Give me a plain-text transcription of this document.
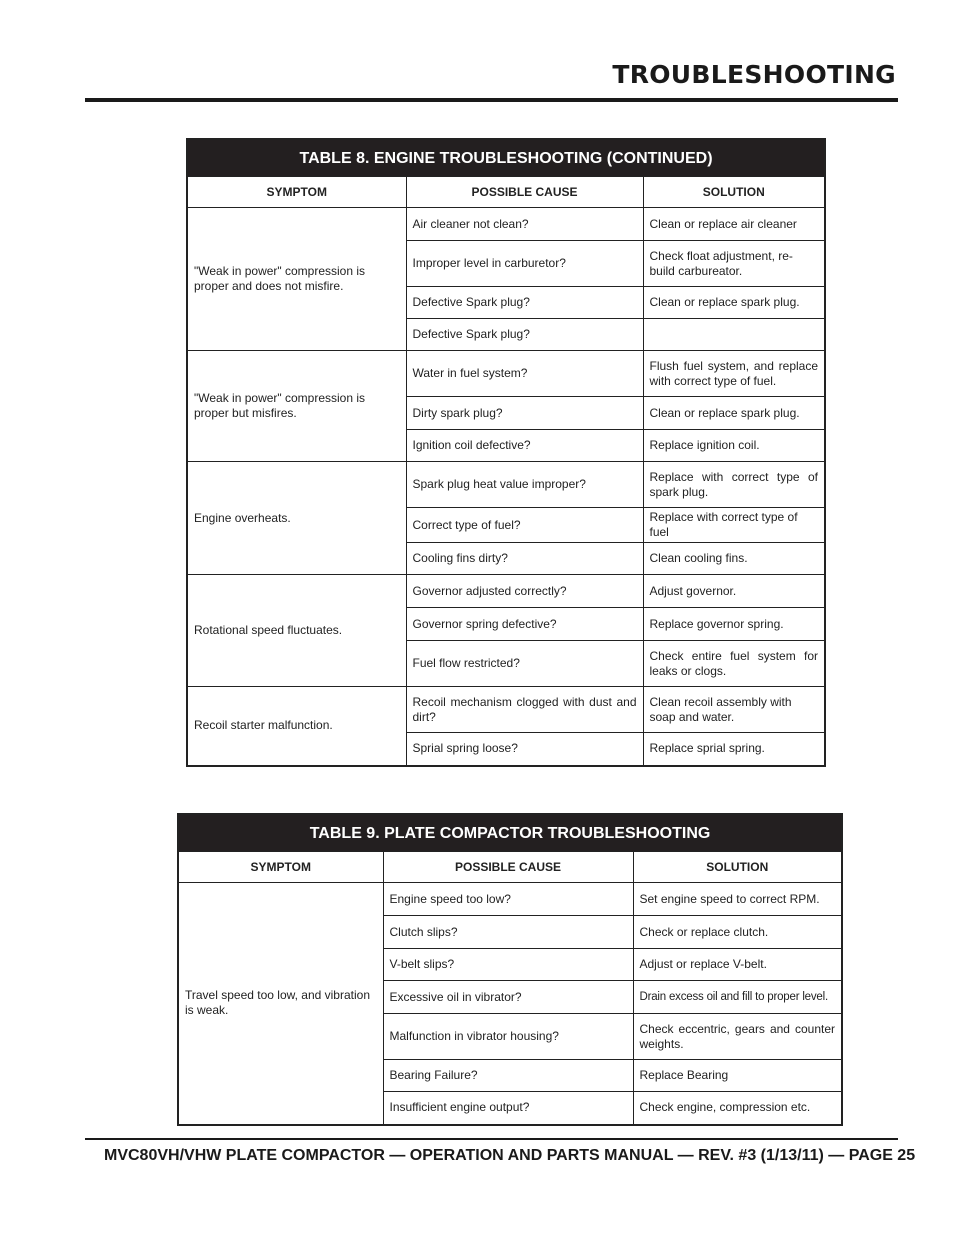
TROUBLESHOOTING
TABLE 8. ENGINE TROUBLESHOOTING (CONTINUED)		
SYMPTOM	POSSIBLE CAUSE	SOLUTION
"Weak in power" compression is proper and does not misfire.	Air cleaner not clean?	Clean or replace air cleaner
	Improper level in carburetor?	Check float adjustment, re-build carbureator.
	Defective Spark plug?	Clean or replace spark plug.
	Defective Spark plug?	
"Weak in power" compression is proper but misfires.	Water in fuel system?	Flush fuel system, and replace with correct type of fuel.
	Dirty spark plug?	Clean or replace spark plug.
	Ignition coil defective?	Replace ignition coil.
Engine overheats.	Spark plug heat value improper?	Replace with correct type of spark plug.
	Correct type of fuel?	Replace with correct type of fuel
	Cooling fins dirty?	Clean cooling fins.
Rotational speed fluctuates.	Governor adjusted correctly?	Adjust governor.
	Governor spring defective?	Replace governor spring.
	Fuel flow restricted?	Check entire fuel system for leaks or clogs.
Recoil starter malfunction.	Recoil mechanism clogged with dust and dirt?	Clean recoil assembly with soap and water.
	Sprial spring loose?	Replace sprial spring.
TABLE 9. PLATE COMPACTOR TROUBLESHOOTING		
SYMPTOM	POSSIBLE CAUSE	SOLUTION
Travel speed too low, and vibration is weak.	Engine speed too low?	Set engine speed to correct RPM.
	Clutch slips?	Check or replace clutch.
	V-belt slips?	Adjust or replace V-belt.
	Excessive oil in vibrator?	Drain excess oil and fill to proper level.
	Malfunction in vibrator housing?	Check eccentric, gears and counter weights.
	Bearing Failure?	Replace Bearing
	Insufficient engine output?	Check engine, compression etc.
MVC80VH/VHW PLATE COMPACTOR — OPERATION AND PARTS MANUAL — REV. #3 (1/13/11) — PAGE 25
